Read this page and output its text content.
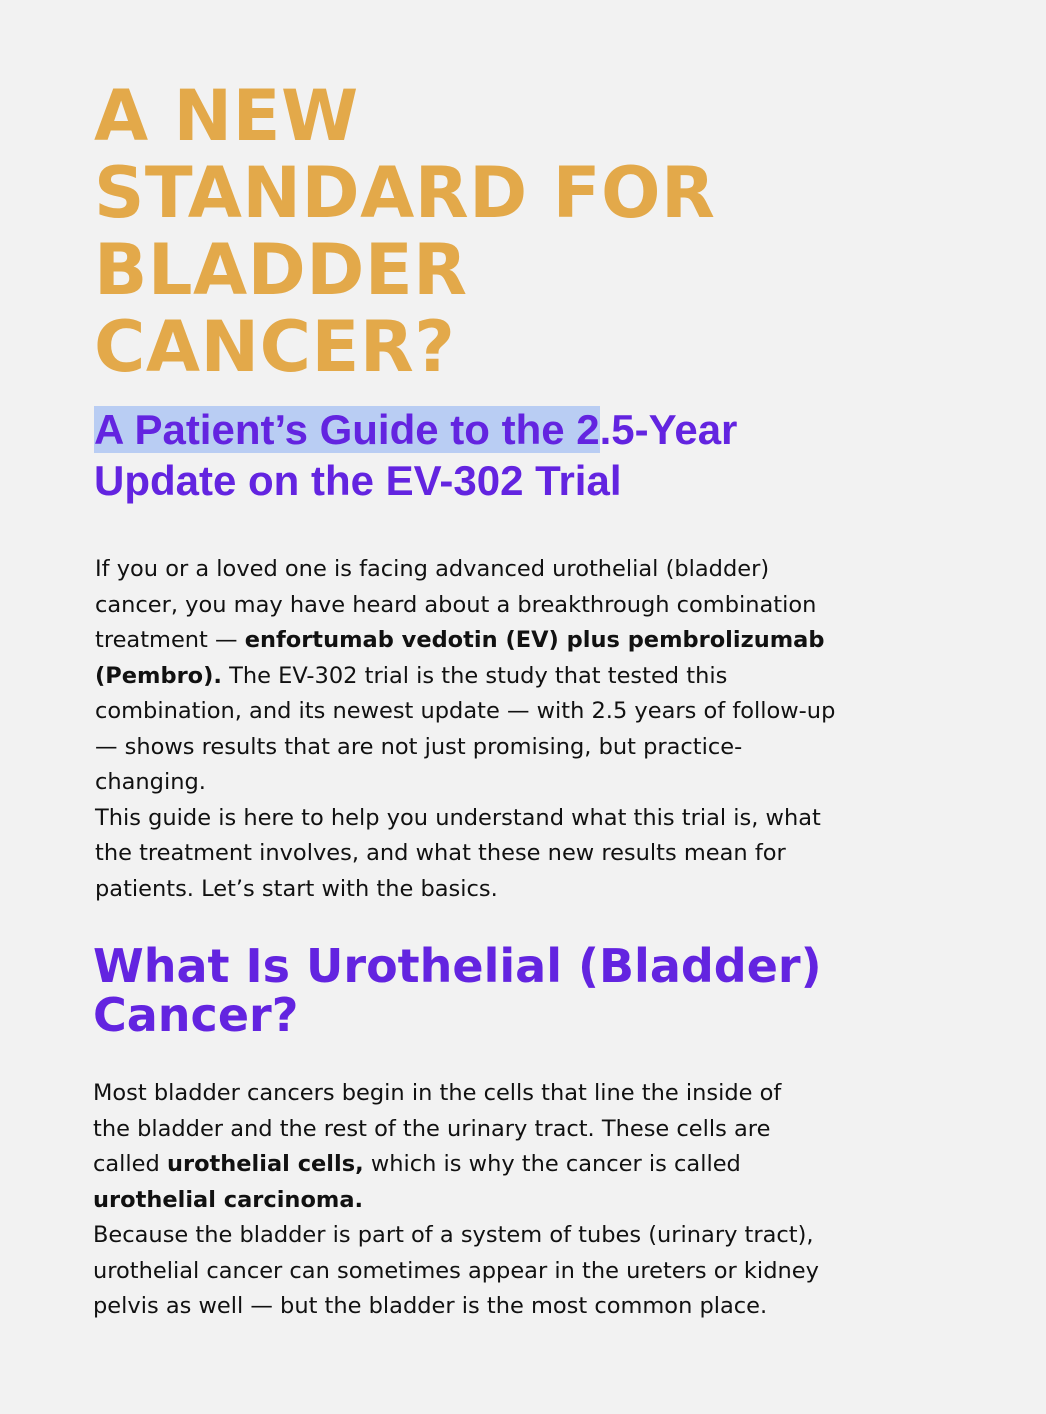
A NEW
STANDARD FOR
BLADDER
CANCER?
A Patient’s Guide to the 2.5-Year
Update on the EV-302 Trial

If you or a loved one is facing advanced urothelial (bladder)
cancer, you may have heard about a breakthrough combination
treatment — enfortumab vedotin (EV) plus pembrolizumab
(Pembro). The EV-302 trial is the study that tested this
combination, and its newest update — with 2.5 years of follow-up
— shows results that are not just promising, but practice-
changing.
This guide is here to help you understand what this trial is, what
the treatment involves, and what these new results mean for
patients. Let’s start with the basics.

What Is Urothelial (Bladder)
Cancer?

Most bladder cancers begin in the cells that line the inside of
the bladder and the rest of the urinary tract. These cells are
called urothelial cells, which is why the cancer is called
urothelial carcinoma.
Because the bladder is part of a system of tubes (urinary tract),
urothelial cancer can sometimes appear in the ureters or kidney
pelvis as well — but the bladder is the most common place.
